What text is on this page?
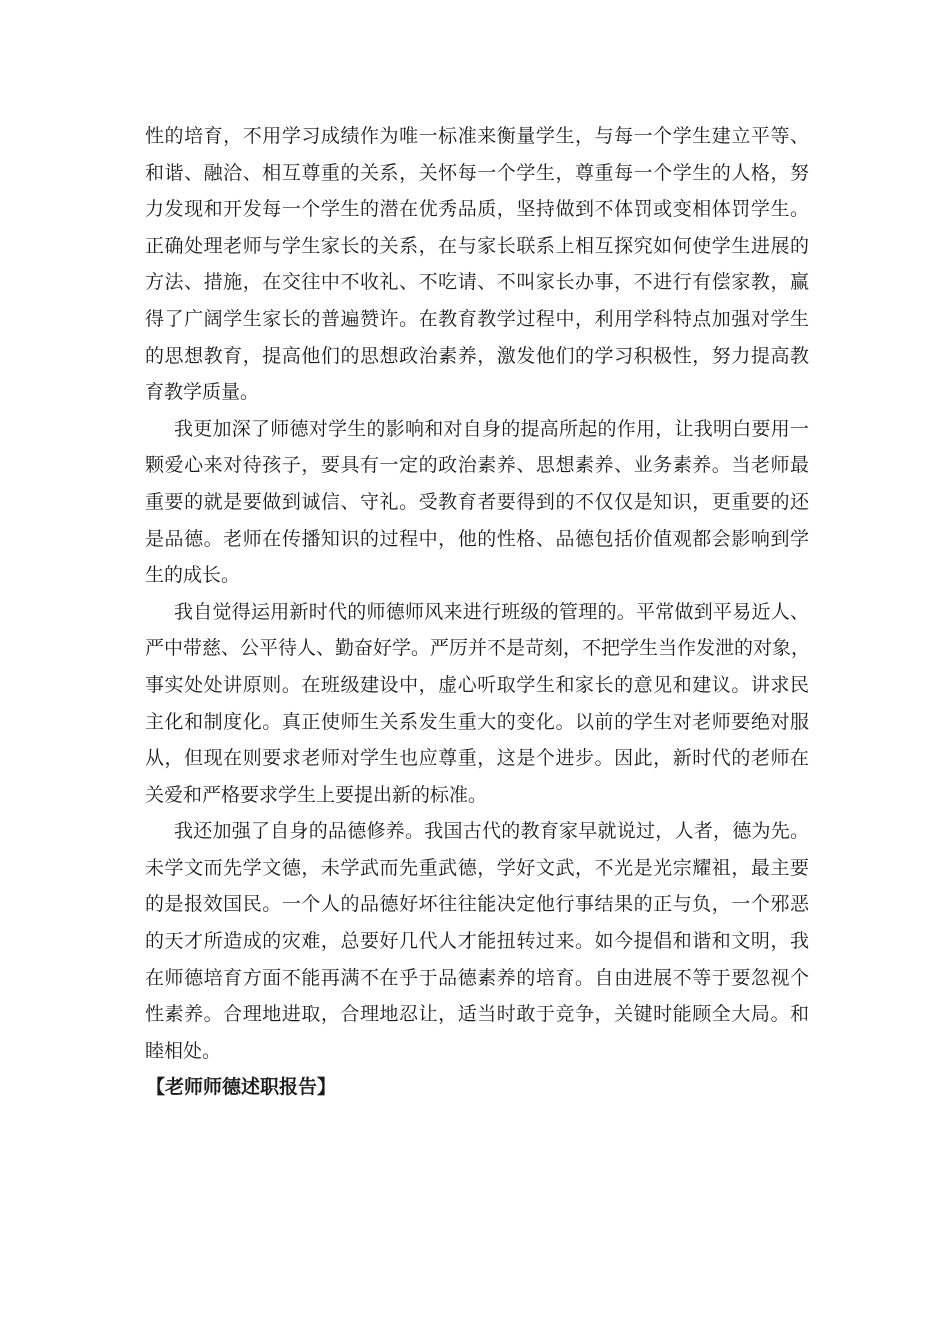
性的培育，不用学习成绩作为唯一标准来衡量学生，与每一个学生建立平等、
和谐、融洽、相互尊重的关系，关怀每一个学生，尊重每一个学生的人格，努
力发现和开发每一个学生的潜在优秀品质，坚持做到不体罚或变相体罚学生。
正确处理老师与学生家长的关系，在与家长联系上相互探究如何使学生进展的
方法、措施，在交往中不收礼、不吃请、不叫家长办事，不进行有偿家教，赢
得了广阔学生家长的普遍赞许。在教育教学过程中，利用学科特点加强对学生
的思想教育，提高他们的思想政治素养，激发他们的学习积极性，努力提高教
育教学质量。
我更加深了师德对学生的影响和对自身的提高所起的作用，让我明白要用一
颗爱心来对待孩子，要具有一定的政治素养、思想素养、业务素养。当老师最
重要的就是要做到诚信、守礼。受教育者要得到的不仅仅是知识，更重要的还
是品德。老师在传播知识的过程中，他的性格、品德包括价值观都会影响到学
生的成长。
我自觉得运用新时代的师德师风来进行班级的管理的。平常做到平易近人、
严中带慈、公平待人、勤奋好学。严厉并不是苛刻，不把学生当作发泄的对象，
事实处处讲原则。在班级建设中，虚心听取学生和家长的意见和建议。讲求民
主化和制度化。真正使师生关系发生重大的变化。以前的学生对老师要绝对服
从，但现在则要求老师对学生也应尊重，这是个进步。因此，新时代的老师在
关爱和严格要求学生上要提出新的标准。
我还加强了自身的品德修养。我国古代的教育家早就说过，人者，德为先。
未学文而先学文德，未学武而先重武德，学好文武，不光是光宗耀祖，最主要
的是报效国民。一个人的品德好坏往往能决定他行事结果的正与负，一个邪恶
的天才所造成的灾难，总要好几代人才能扭转过来。如今提倡和谐和文明，我
在师德培育方面不能再满不在乎于品德素养的培育。自由进展不等于要忽视个
性素养。合理地进取，合理地忍让，适当时敢于竞争，关键时能顾全大局。和
睦相处。
【老师师德述职报告】
